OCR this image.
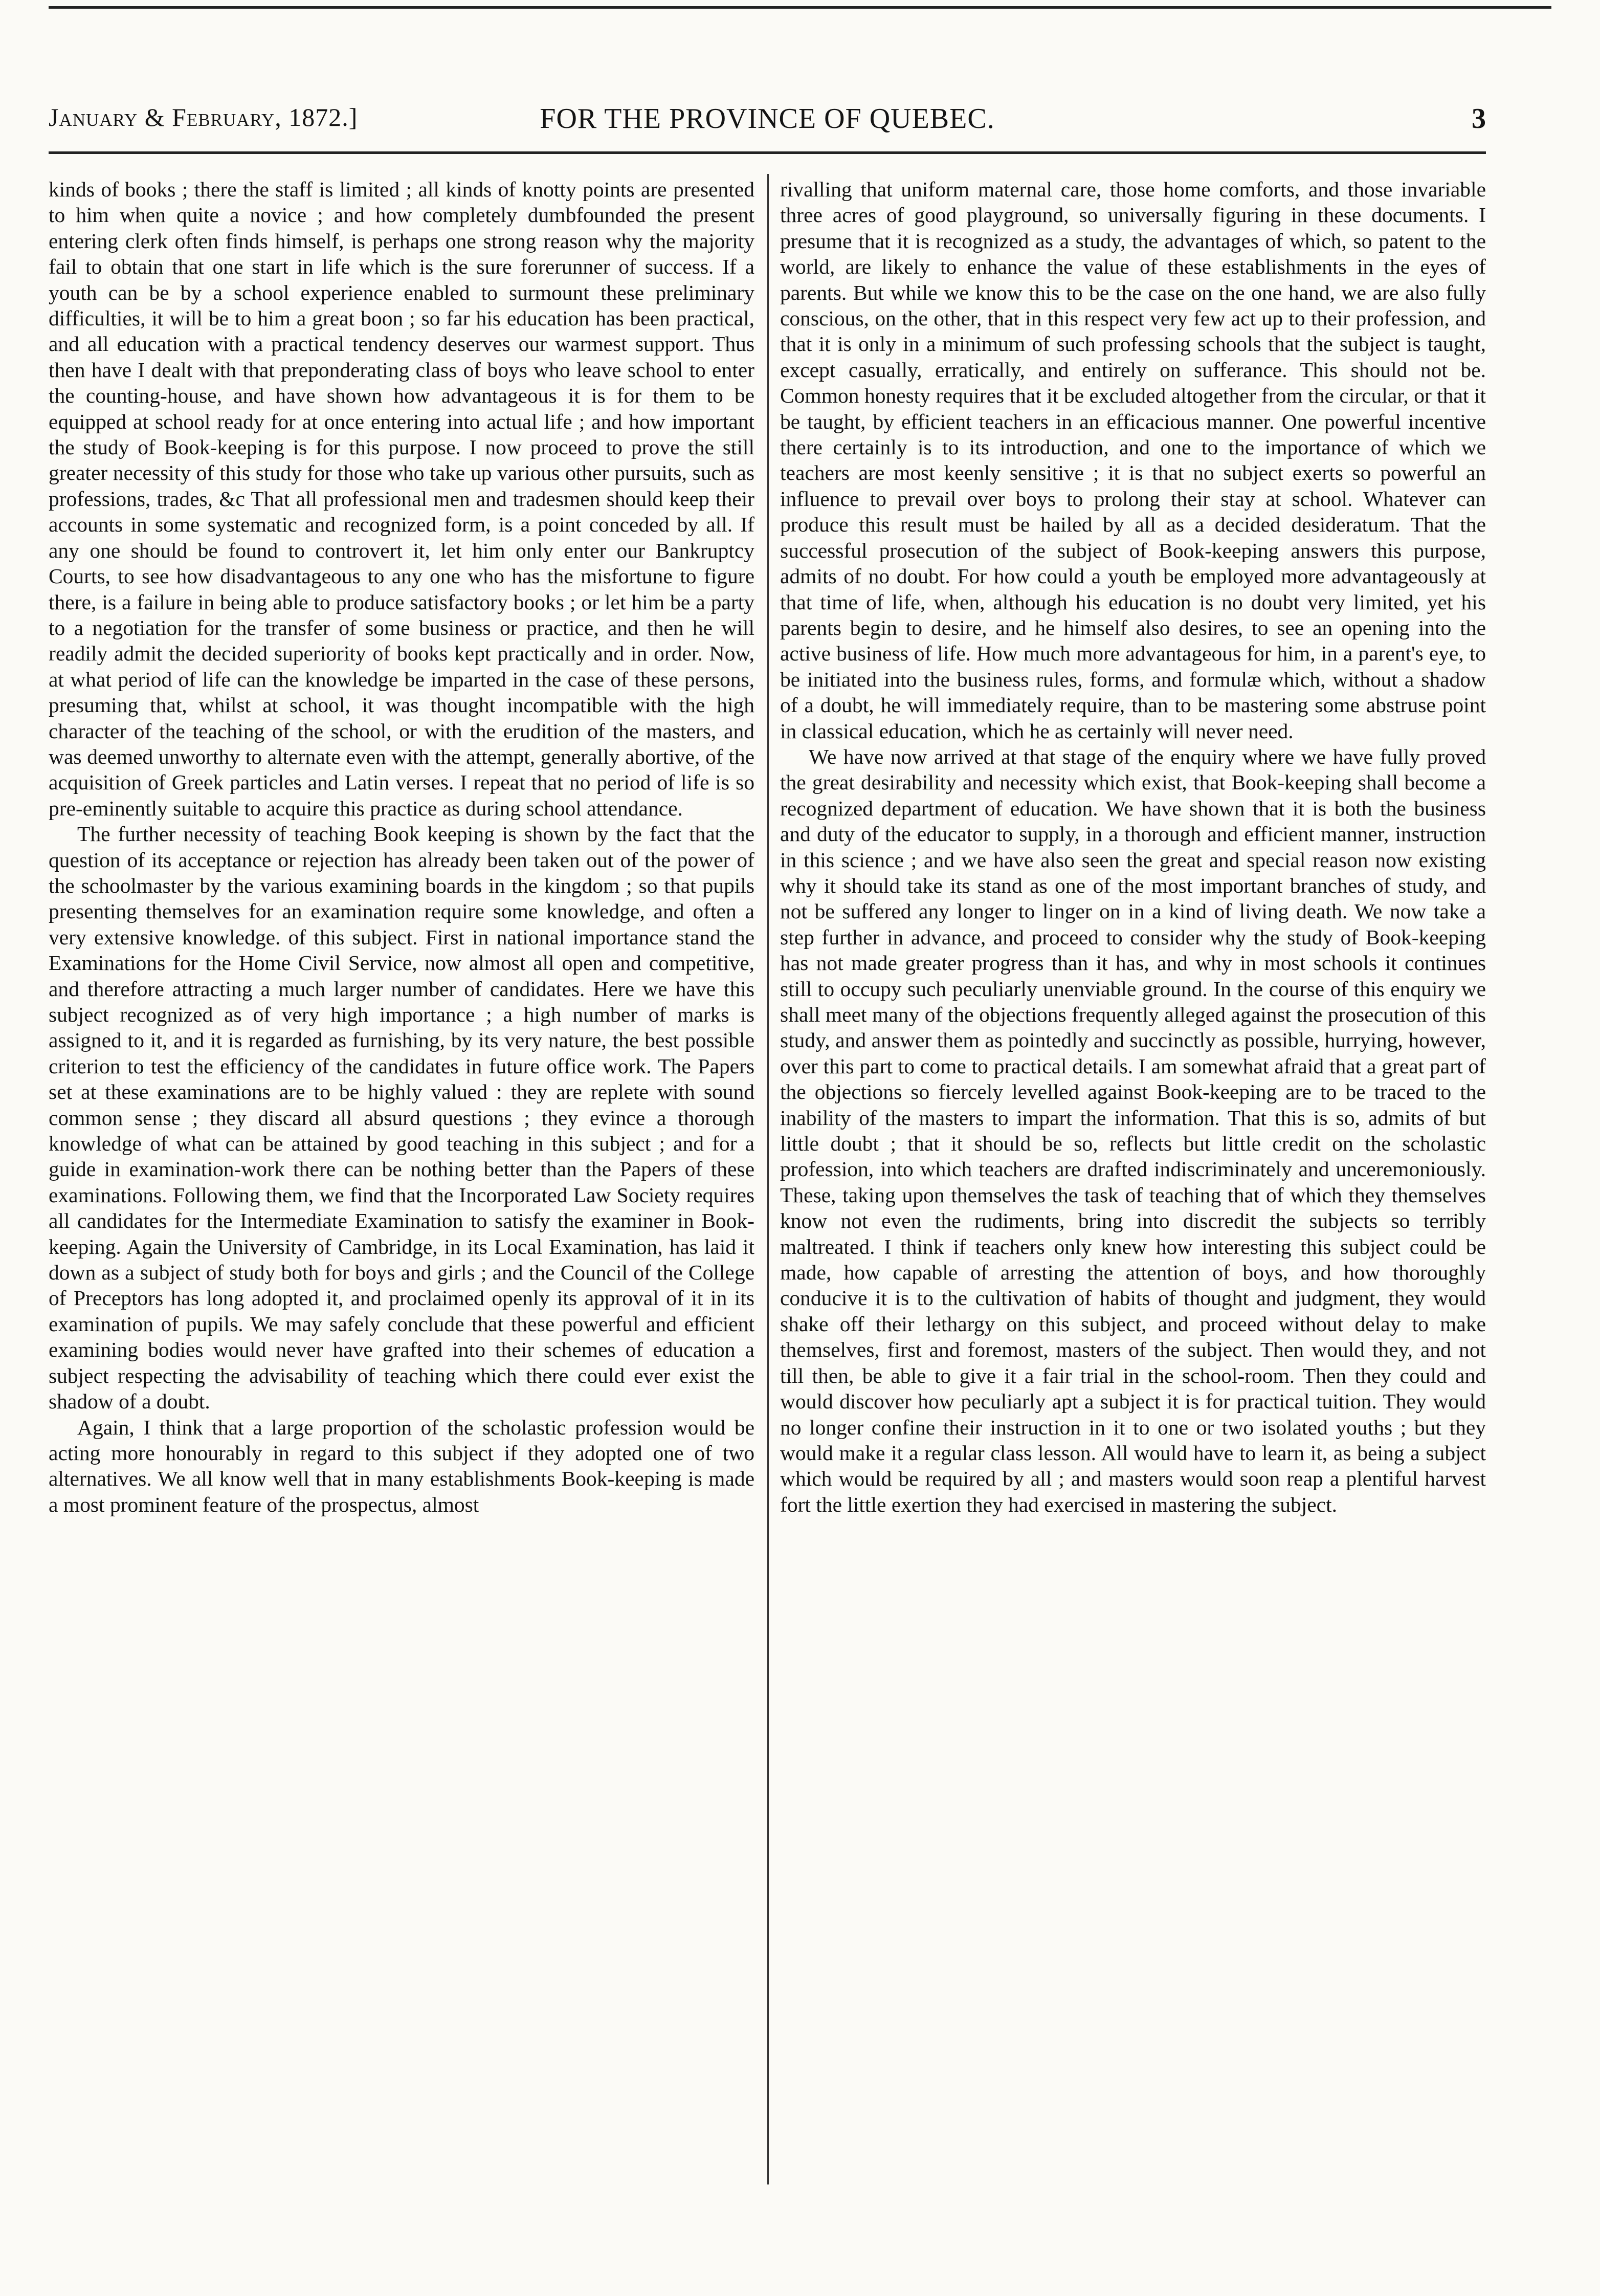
January & February, 1872.]	FOR THE PROVINCE OF QUEBEC.	3

kinds of books ; there the staff is limited ; all kinds of knotty points are presented to him when quite a novice ; and how completely dumbfounded the present entering clerk often finds himself, is perhaps one strong reason why the majority fail to obtain that one start in life which is the sure forerunner of success. If a youth can be by a school experience enabled to surmount these preliminary difficulties, it will be to him a great boon ; so far his education has been practical, and all education with a practical tendency deserves our warmest support. Thus then have I dealt with that preponderating class of boys who leave school to enter the counting-house, and have shown how advantageous it is for them to be equipped at school ready for at once entering into actual life ; and how important the study of Book-keeping is for this purpose. I now proceed to prove the still greater necessity of this study for those who take up various other pursuits, such as professions, trades, &c That all professional men and tradesmen should keep their accounts in some systematic and recognized form, is a point conceded by all. If any one should be found to controvert it, let him only enter our Bankruptcy Courts, to see how disadvantageous to any one who has the misfortune to figure there, is a failure in being able to produce satisfactory books ; or let him be a party to a negotiation for the transfer of some business or practice, and then he will readily admit the decided superiority of books kept practically and in order. Now, at what period of life can the knowledge be imparted in the case of these persons, presuming that, whilst at school, it was thought incompatible with the high character of the teaching of the school, or with the erudition of the masters, and was deemed unworthy to alternate even with the attempt, generally abortive, of the acquisition of Greek particles and Latin verses. I repeat that no period of life is so pre-eminently suitable to acquire this practice as during school attendance.

The further necessity of teaching Book keeping is shown by the fact that the question of its acceptance or rejection has already been taken out of the power of the schoolmaster by the various examining boards in the kingdom ; so that pupils presenting themselves for an examination require some knowledge, and often a very extensive knowledge. of this subject. First in national importance stand the Examinations for the Home Civil Service, now almost all open and competitive, and therefore attracting a much larger number of candidates. Here we have this subject recognized as of very high importance ; a high number of marks is assigned to it, and it is regarded as furnishing, by its very nature, the best possible criterion to test the efficiency of the candidates in future office work. The Papers set at these examinations are to be highly valued : they are replete with sound common sense ; they discard all absurd questions ; they evince a thorough knowledge of what can be attained by good teaching in this subject ; and for a guide in examination-work there can be nothing better than the Papers of these examinations. Following them, we find that the Incorporated Law Society requires all candidates for the Intermediate Examination to satisfy the examiner in Book-keeping. Again the University of Cambridge, in its Local Examination, has laid it down as a subject of study both for boys and girls ; and the Council of the College of Preceptors has long adopted it, and proclaimed openly its approval of it in its examination of pupils. We may safely conclude that these powerful and efficient examining bodies would never have grafted into their schemes of education a subject respecting the advisability of teaching which there could ever exist the shadow of a doubt.

Again, I think that a large proportion of the scholastic profession would be acting more honourably in regard to this subject if they adopted one of two alternatives. We all know well that in many establishments Book-keeping is made a most prominent feature of the prospectus, almost

rivalling that uniform maternal care, those home comforts, and those invariable three acres of good playground, so universally figuring in these documents. I presume that it is recognized as a study, the advantages of which, so patent to the world, are likely to enhance the value of these establishments in the eyes of parents. But while we know this to be the case on the one hand, we are also fully conscious, on the other, that in this respect very few act up to their profession, and that it is only in a minimum of such professing schools that the subject is taught, except casually, erratically, and entirely on sufferance. This should not be. Common honesty requires that it be excluded altogether from the circular, or that it be taught, by efficient teachers in an efficacious manner. One powerful incentive there certainly is to its introduction, and one to the importance of which we teachers are most keenly sensitive ; it is that no subject exerts so powerful an influence to prevail over boys to prolong their stay at school. Whatever can produce this result must be hailed by all as a decided desideratum. That the successful prosecution of the subject of Book-keeping answers this purpose, admits of no doubt. For how could a youth be employed more advantageously at that time of life, when, although his education is no doubt very limited, yet his parents begin to desire, and he himself also desires, to see an opening into the active business of life. How much more advantageous for him, in a parent's eye, to be initiated into the business rules, forms, and formulæ which, without a shadow of a doubt, he will immediately require, than to be mastering some abstruse point in classical education, which he as certainly will never need.

We have now arrived at that stage of the enquiry where we have fully proved the great desirability and necessity which exist, that Book-keeping shall become a recognized department of education. We have shown that it is both the business and duty of the educator to supply, in a thorough and efficient manner, instruction in this science ; and we have also seen the great and special reason now existing why it should take its stand as one of the most important branches of study, and not be suffered any longer to linger on in a kind of living death. We now take a step further in advance, and proceed to consider why the study of Book-keeping has not made greater progress than it has, and why in most schools it continues still to occupy such peculiarly unenviable ground. In the course of this enquiry we shall meet many of the objections frequently alleged against the prosecution of this study, and answer them as pointedly and succinctly as possible, hurrying, however, over this part to come to practical details. I am somewhat afraid that a great part of the objections so fiercely levelled against Book-keeping are to be traced to the inability of the masters to impart the information. That this is so, admits of but little doubt ; that it should be so, reflects but little credit on the scholastic profession, into which teachers are drafted indiscriminately and unceremoniously. These, taking upon themselves the task of teaching that of which they themselves know not even the rudiments, bring into discredit the subjects so terribly maltreated. I think if teachers only knew how interesting this subject could be made, how capable of arresting the attention of boys, and how thoroughly conducive it is to the cultivation of habits of thought and judgment, they would shake off their lethargy on this subject, and proceed without delay to make themselves, first and foremost, masters of the subject. Then would they, and not till then, be able to give it a fair trial in the school-room. Then they could and would discover how peculiarly apt a subject it is for practical tuition. They would no longer confine their instruction in it to one or two isolated youths ; but they would make it a regular class lesson. All would have to learn it, as being a subject which would be required by all ; and masters would soon reap a plentiful harvest fort the little exertion they had exercised in mastering the subject.
